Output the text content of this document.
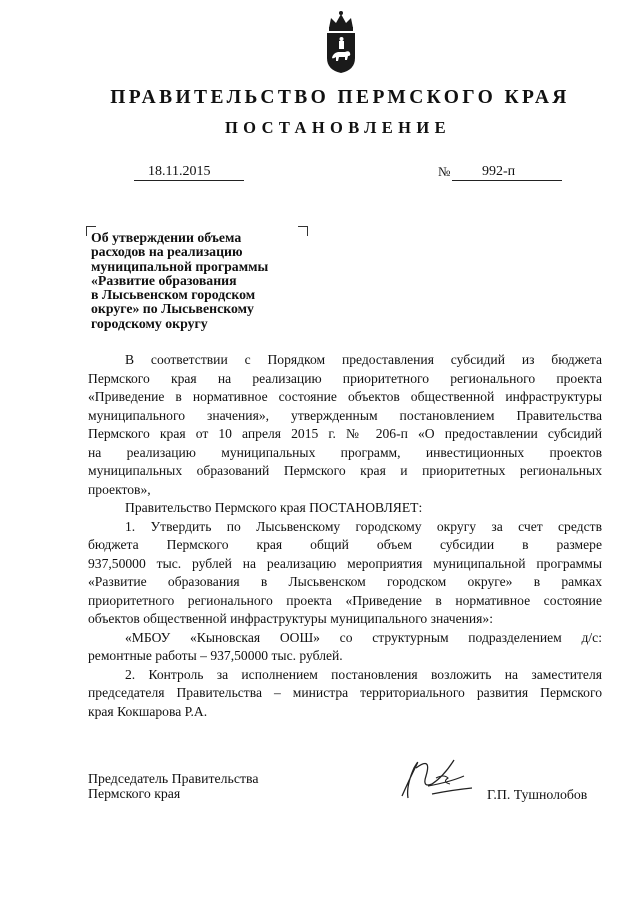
ПРАВИТЕЛЬСТВО ПЕРМСКОГО КРАЯ
ПОСТАНОВЛЕНИЕ
18.11.2015	№	992-п
Об утверждении объема
расходов на реализацию
муниципальной программы
«Развитие образования
в Лысьвенском городском
округе» по Лысьвенскому
городскому округу
В соответствии с Порядком предоставления субсидий из бюджета
Пермского края на реализацию приоритетного регионального проекта
«Приведение в нормативное состояние объектов общественной инфраструктуры
муниципального значения», утвержденным постановлением Правительства
Пермского края от 10 апреля 2015 г. № 206-п «О предоставлении субсидий
на реализацию муниципальных программ, инвестиционных проектов
муниципальных образований Пермского края и приоритетных региональных
проектов»,
Правительство Пермского края ПОСТАНОВЛЯЕТ:
1. Утвердить по Лысьвенскому городскому округу за счет средств
бюджета Пермского края общий объем субсидии в размере
937,50000 тыс. рублей на реализацию мероприятия муниципальной программы
«Развитие образования в Лысьвенском городском округе» в рамках
приоритетного регионального проекта «Приведение в нормативное состояние
объектов общественной инфраструктуры муниципального значения»:
«МБОУ «Кыновская ООШ» со структурным подразделением д/с:
ремонтные работы – 937,50000 тыс. рублей.
2. Контроль за исполнением постановления возложить на заместителя
председателя Правительства – министра территориального развития Пермского
края Кокшарова Р.А.
Председатель Правительства
Пермского края	Г.П. Тушнолобов
